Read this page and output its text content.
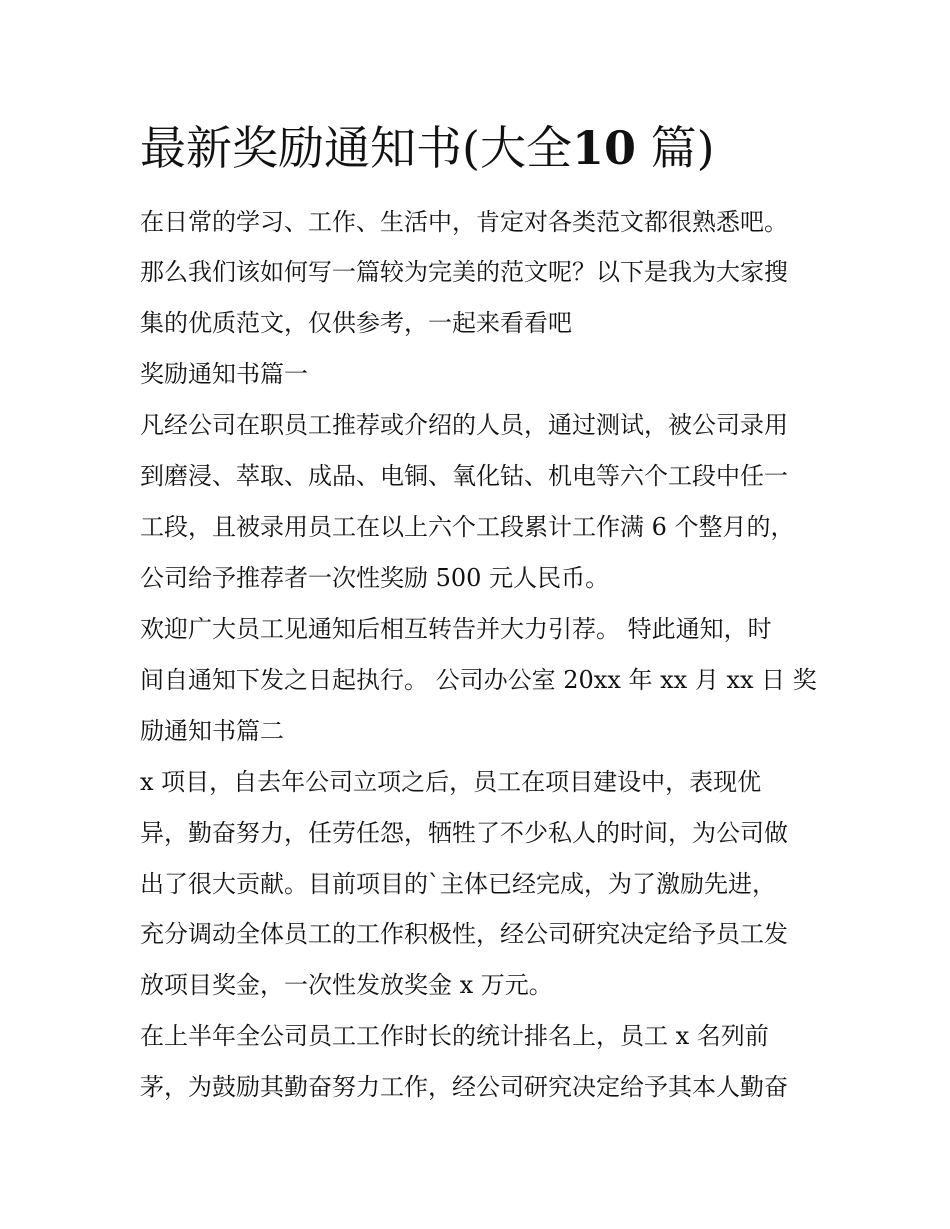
最新奖励通知书(大全10 篇)

在日常的学习、工作、生活中，肯定对各类范文都很熟悉吧。

那么我们该如何写一篇较为完美的范文呢？以下是我为大家搜

集的优质范文，仅供参考，一起来看看吧

奖励通知书篇一

凡经公司在职员工推荐或介绍的人员，通过测试，被公司录用

到磨浸、萃取、成品、电铜、氧化钴、机电等六个工段中任一

工段，且被录用员工在以上六个工段累计工作满 6 个整月的，

公司给予推荐者一次性奖励 500 元人民币。

欢迎广大员工见通知后相互转告并大力引荐。 特此通知，时

间自通知下发之日起执行。 公司办公室 20xx 年 xx 月 xx 日 奖

励通知书篇二

x 项目，自去年公司立项之后，员工在项目建设中，表现优

异，勤奋努力，任劳任怨，牺牲了不少私人的时间，为公司做

出了很大贡献。目前项目的`主体已经完成，为了激励先进，

充分调动全体员工的工作积极性，经公司研究决定给予员工发

放项目奖金，一次性发放奖金 x 万元。

在上半年全公司员工工作时长的统计排名上，员工 x 名列前

茅，为鼓励其勤奋努力工作，经公司研究决定给予其本人勤奋
